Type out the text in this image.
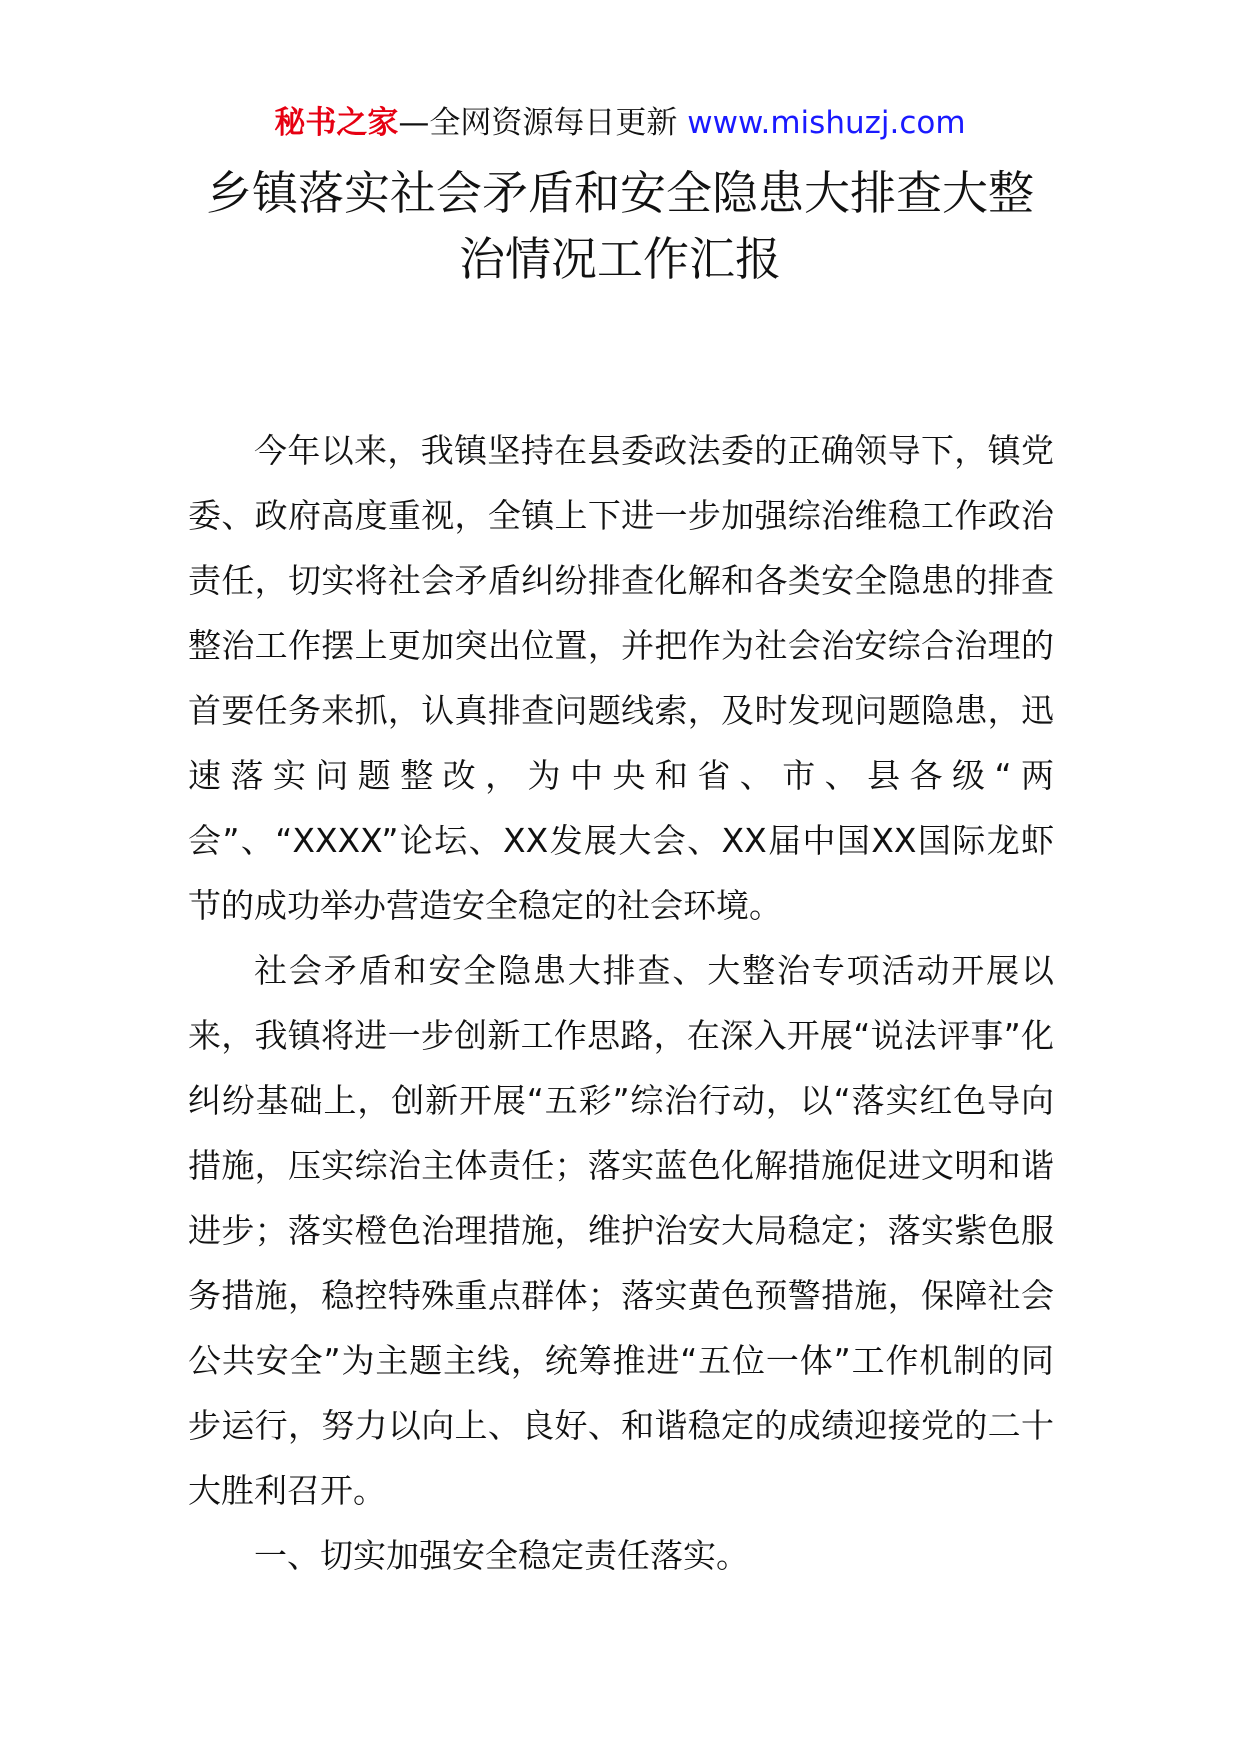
秘书之家—全网资源每日更新 www.mishuzj.com
乡镇落实社会矛盾和安全隐患大排查大整
治情况工作汇报

今年以来，我镇坚持在县委政法委的正确领导下，镇党委、政府高度重视，全镇上下进一步加强综治维稳工作政治责任，切实将社会矛盾纠纷排查化解和各类安全隐患的排查整治工作摆上更加突出位置，并把作为社会治安综合治理的首要任务来抓，认真排查问题线索，及时发现问题隐患，迅速落实问题整改，为中央和省、市、县各级“两会”、“XXXX”论坛、XX发展大会、XX届中国XX国际龙虾节的成功举办营造安全稳定的社会环境。

社会矛盾和安全隐患大排查、大整治专项活动开展以来，我镇将进一步创新工作思路，在深入开展“说法评事”化纠纷基础上，创新开展“五彩”综治行动，以“落实红色导向措施，压实综治主体责任；落实蓝色化解措施促进文明和谐进步；落实橙色治理措施，维护治安大局稳定；落实紫色服务措施，稳控特殊重点群体；落实黄色预警措施，保障社会公共安全”为主题主线，统筹推进“五位一体”工作机制的同步运行，努力以向上、良好、和谐稳定的成绩迎接党的二十大胜利召开。

一、切实加强安全稳定责任落实。
